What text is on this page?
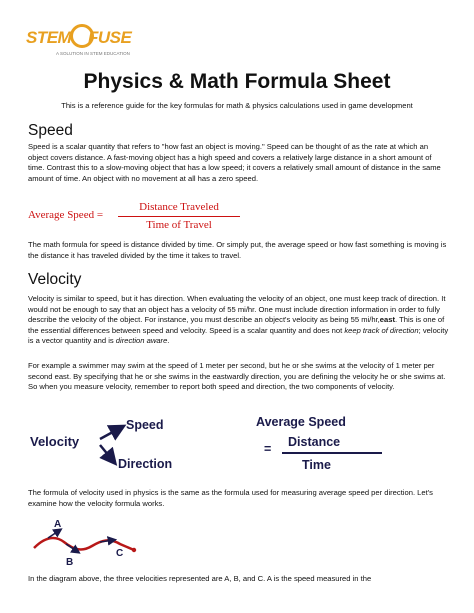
STEM FUSE
A SOLUTION IN STEM EDUCATION
Physics & Math Formula Sheet
This is a reference guide for the key formulas for math & physics calculations used in game development
Speed

Speed is a scalar quantity that refers to "how fast an object is moving." Speed can be thought of as the rate at which an object covers distance. A fast-moving object has a high speed and covers a relatively large distance in a short amount of time. Contrast this to a slow-moving object that has a low speed; it covers a relatively small amount of distance in the same amount of time. An object with no movement at all has a zero speed.

Average Speed =
Distance Traveled
Time of Travel

The math formula for speed is distance divided by time. Or simply put, the average speed or how fast something is moving is the distance it has traveled divided by the time it takes to travel.

Velocity

Velocity is similar to speed, but it has direction. When evaluating the velocity of an object, one must keep track of direction. It would not be enough to say that an object has a velocity of 55 mi/hr. One must include direction information in order to fully describe the velocity of the object. For instance, you must describe an object's velocity as being 55 mi/hr,east. This is one of the essential differences between speed and velocity. Speed is a scalar quantity and does not keep track of direction; velocity is a vector quantity and is direction aware.

For example a swimmer may swim at the speed of 1 meter per second, but he or she swims at the velocity of 1 meter per second east. By specifying that he or she swims in the eastwardly direction, you are defining the velocity he or she swims at. So when you measure velocity, remember to report both speed and direction, the two components of velocity.

Velocity
Speed
Direction
Average Speed
= Distance
Time

The formula of velocity used in physics is the same as the formula used for measuring average speed per direction. Let's examine how the velocity formula works.

A
B
C

In the diagram above, the three velocities represented are A, B, and C. A is the speed measured in the
